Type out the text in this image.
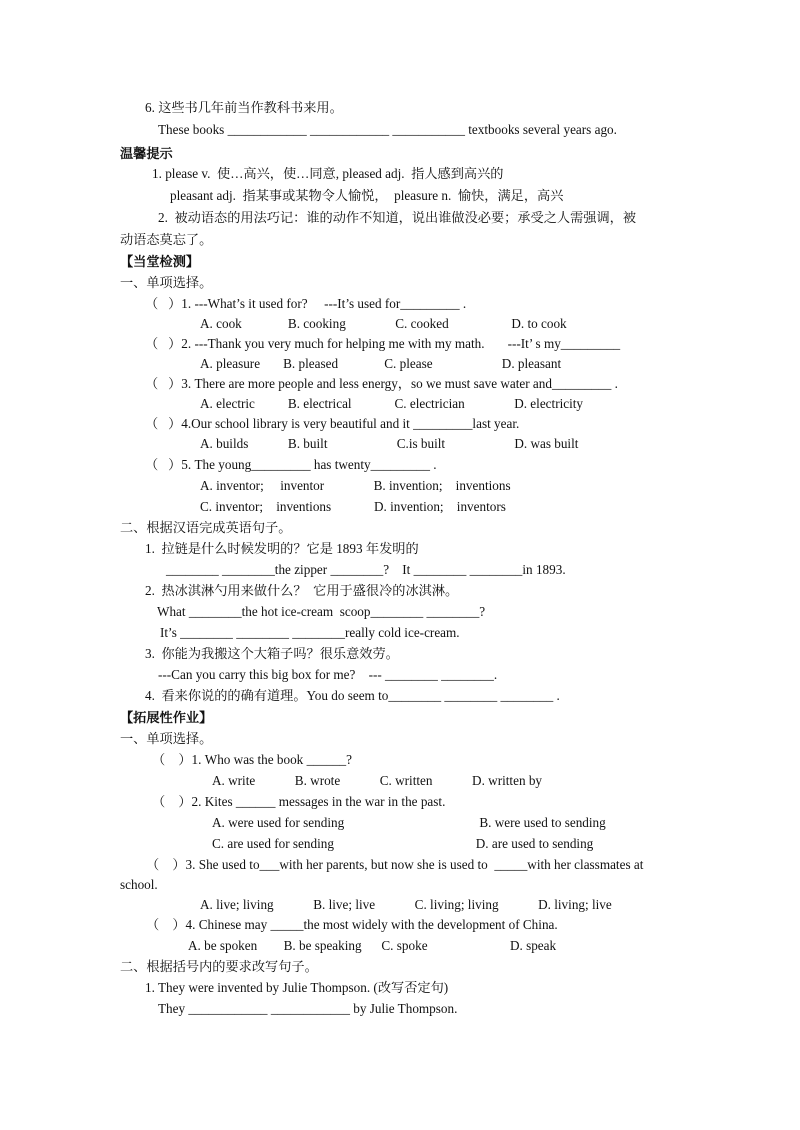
6. 这些书几年前当作教科书来用。
These books ____________ ____________ ___________ textbooks several years ago.
温馨提示
1. please v.  使…高兴，使…同意, pleased adj.  指人感到高兴的
pleasant adj.  指某事或某物令人愉悦，  pleasure n.  愉快，满足，高兴
2.  被动语态的用法巧记：谁的动作不知道，说出谁做没必要；承受之人需强调，被
动语态莫忘了。
【当堂检测】
一、单项选择。
（   ）1. ---What’s it used for?     ---It’s used for_________ .
A. cook              B. cooking               C. cooked                   D. to cook
（   ）2. ---Thank you very much for helping me with my math.       ---It’ s my_________
A. pleasure       B. pleased              C. please                     D. pleasant
（   ）3. There are more people and less energy，so we must save water and_________ .
A. electric          B. electrical             C. electrician               D. electricity
（   ）4.Our school library is very beautiful and it _________last year.
A. builds            B. built                     C.is built                     D. was built
（   ）5. The young_________ has twenty_________ .
A. inventor;     inventor               B. invention;    inventions
C. inventor;    inventions             D. invention;    inventors
二、根据汉语完成英语句子。
1.  拉链是什么时候发明的？它是 1893 年发明的
________ ________the zipper ________?    It ________ ________in 1893.
2.  热冰淇淋勺用来做什么？  它用于盛很冷的冰淇淋。
What ________the hot ice-cream  scoop________ ________?
It’s ________ ________ ________really cold ice-cream.
3.  你能为我搬这个大箱子吗？很乐意效劳。
---Can you carry this big box for me?    --- ________ ________.
4.  看来你说的的确有道理。You do seem to________ ________ ________ .
【拓展性作业】
一、单项选择。
（    ）1. Who was the book ______?
A. write            B. wrote            C. written            D. written by
（    ）2. Kites ______ messages in the war in the past.
A. were used for sending                                         B. were used to sending
C. are used for sending                                           D. are used to sending
（    ）3. She used to___with her parents, but now she is used to  _____with her classmates at
school.
A. live; living            B. live; live            C. living; living            D. living; live
（    ）4. Chinese may _____the most widely with the development of China.
A. be spoken        B. be speaking      C. spoke                         D. speak
二、根据括号内的要求改写句子。
1. They were invented by Julie Thompson. (改写否定句)
They ____________ ____________ by Julie Thompson.
